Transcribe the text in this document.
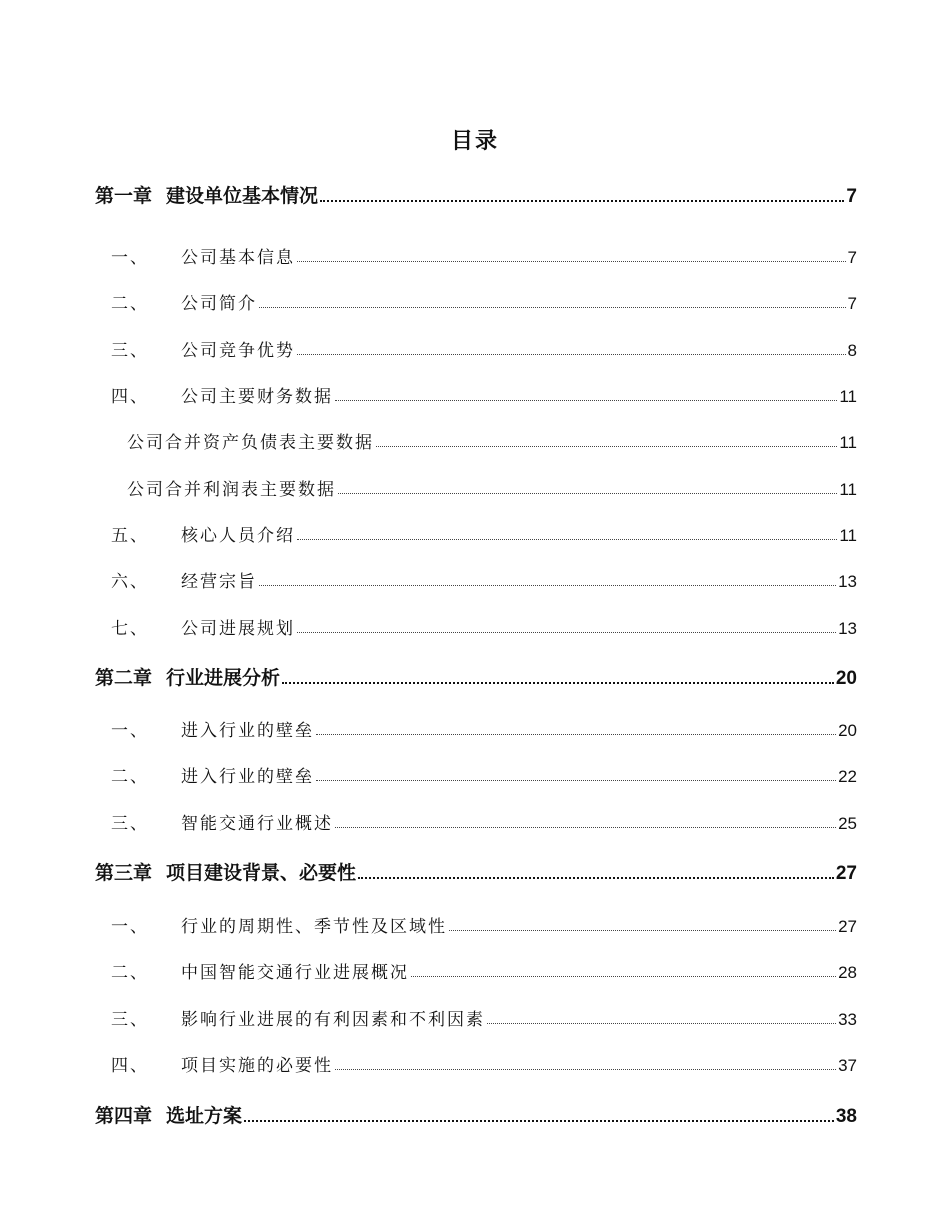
目录
第一章 建设单位基本情况	7
一、 公司基本信息	7
二、 公司简介	7
三、 公司竞争优势	8
四、 公司主要财务数据	11
公司合并资产负债表主要数据	11
公司合并利润表主要数据	11
五、 核心人员介绍	11
六、 经营宗旨	13
七、 公司进展规划	13
第二章 行业进展分析	20
一、 进入行业的壁垒	20
二、 进入行业的壁垒	22
三、 智能交通行业概述	25
第三章 项目建设背景、必要性	27
一、 行业的周期性、季节性及区域性	27
二、 中国智能交通行业进展概况	28
三、 影响行业进展的有利因素和不利因素	33
四、 项目实施的必要性	37
第四章 选址方案	38
